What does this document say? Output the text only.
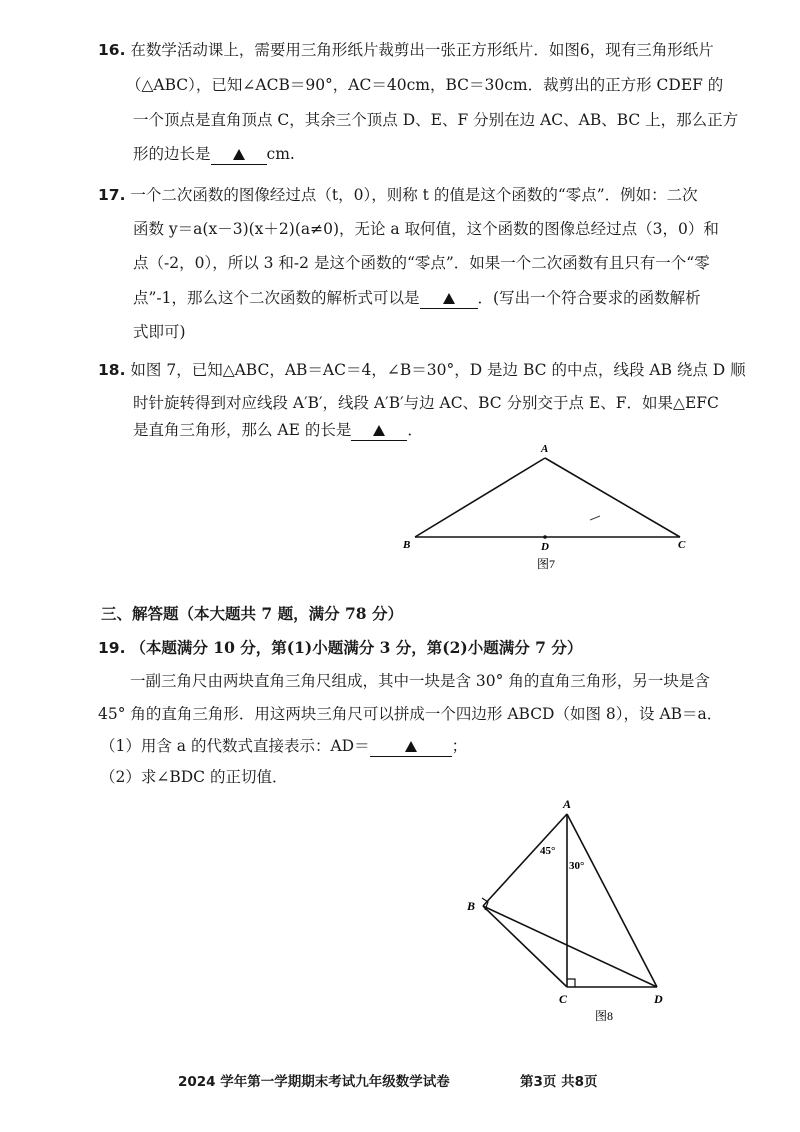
16. 在数学活动课上，需要用三角形纸片裁剪出一张正方形纸片．如图6，现有三角形纸片
（△ABC），已知∠ACB＝90°，AC＝40cm，BC＝30cm．裁剪出的正方形 CDEF 的
一个顶点是直角顶点 C，其余三个顶点 D、E、F 分别在边 AC、AB、BC 上，那么正方
形的边长是	cm.
17. 一个二次函数的图像经过点（t，0），则称 t 的值是这个函数的“零点”．例如：二次
函数 y＝a(x－3)(x＋2)(a≠0)，无论 a 取何值，这个函数的图像总经过点（3，0）和
点（-2，0），所以 3 和-2 是这个函数的“零点”．如果一个二次函数有且只有一个“零
点”-1，那么这个二次函数的解析式可以是	．(写出一个符合要求的函数解析
式即可)
18. 如图 7，已知△ABC，AB＝AC＝4，∠B＝30°，D 是边 BC 的中点，线段 AB 绕点 D 顺
时针旋转得到对应线段 A′B′，线段 A′B′与边 AC、BC 分别交于点 E、F．如果△EFC
是直角三角形，那么 AE 的长是	．
A
B	C
D
图7
三、解答题（本大题共 7 题，满分 78 分）
19. （本题满分 10 分，第(1)小题满分 3 分，第(2)小题满分 7 分）
一副三角尺由两块直角三角尺组成，其中一块是含 30° 角的直角三角形，另一块是含
45° 角的直角三角形．用这两块三角尺可以拼成一个四边形 ABCD（如图 8），设 AB＝a．
（1）用含 a 的代数式直接表示：AD＝	；
（2）求∠BDC 的正切值．
A
B
C	D
45°
30°
图8
2024 学年第一学期期末考试九年级数学试卷	第3页 共8页
